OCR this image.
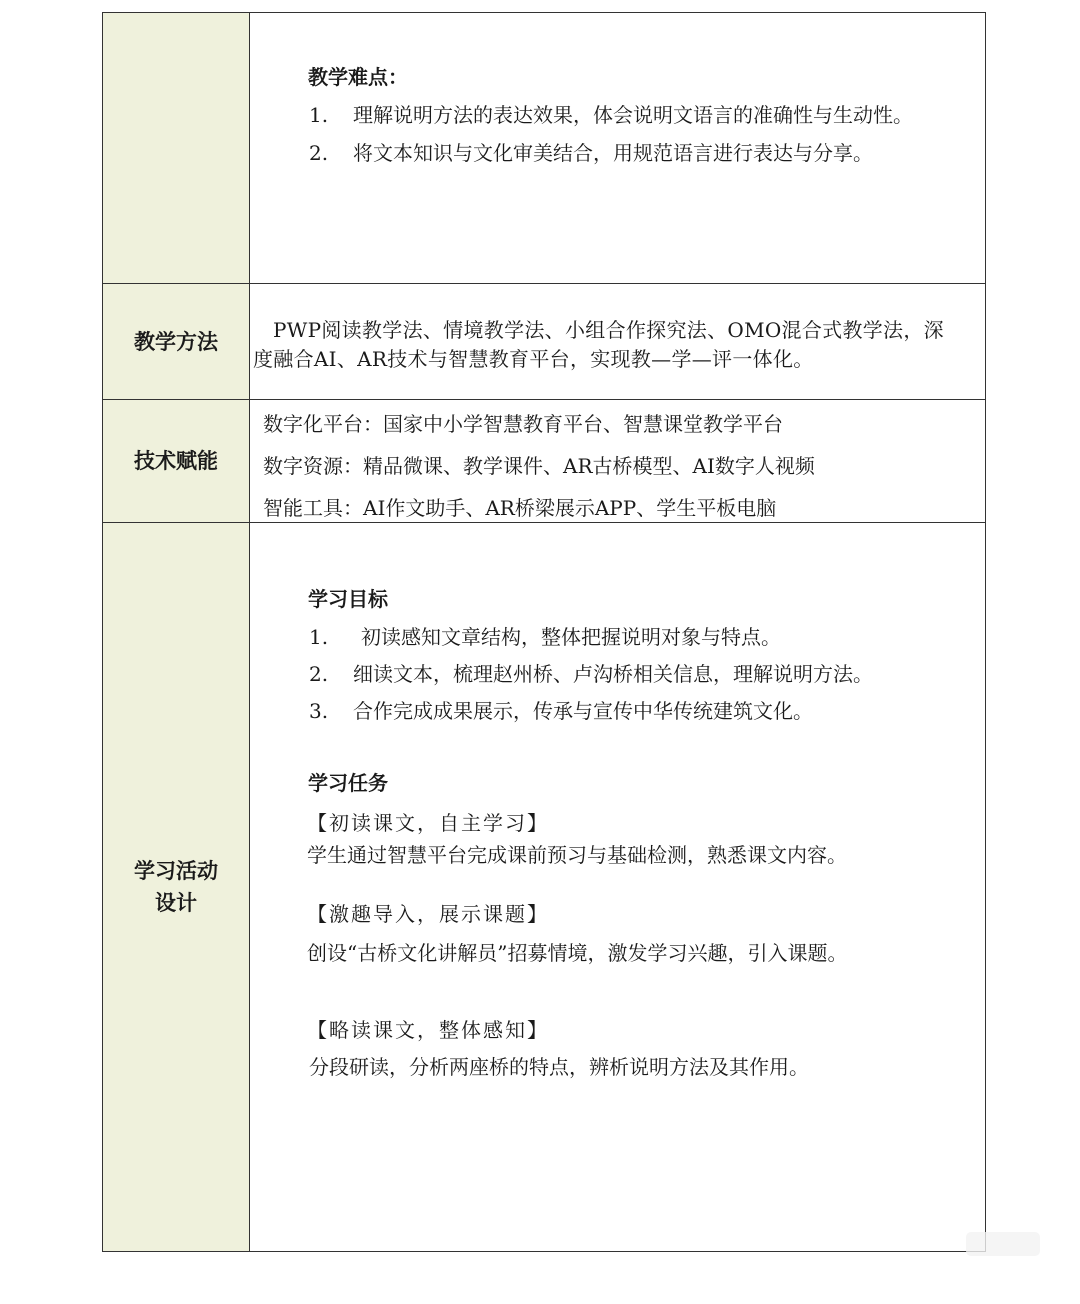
教学难点：
1. 理解说明方法的表达效果，体会说明文语言的准确性与生动性。
2. 将文本知识与文化审美结合，用规范语言进行表达与分享。
教学方法	PWP阅读教学法、情境教学法、小组合作探究法、OMO混合式教学法，深
度融合AI、AR技术与智慧教育平台，实现教—学—评一体化。
技术赋能
数字化平台：国家中小学智慧教育平台、智慧课堂教学平台
数字资源：精品微课、教学课件、AR古桥模型、AI数字人视频
智能工具：AI作文助手、AR桥梁展示APP、学生平板电脑
学习活动
设计
学习目标
1. 初读感知文章结构，整体把握说明对象与特点。
2. 细读文本，梳理赵州桥、卢沟桥相关信息，理解说明方法。
3. 合作完成成果展示，传承与宣传中华传统建筑文化。
学习任务
【初读课文，自主学习】
学生通过智慧平台完成课前预习与基础检测，熟悉课文内容。
【激趣导入，展示课题】
创设“古桥文化讲解员”招募情境，激发学习兴趣，引入课题。
【略读课文，整体感知】
分段研读，分析两座桥的特点，辨析说明方法及其作用。
